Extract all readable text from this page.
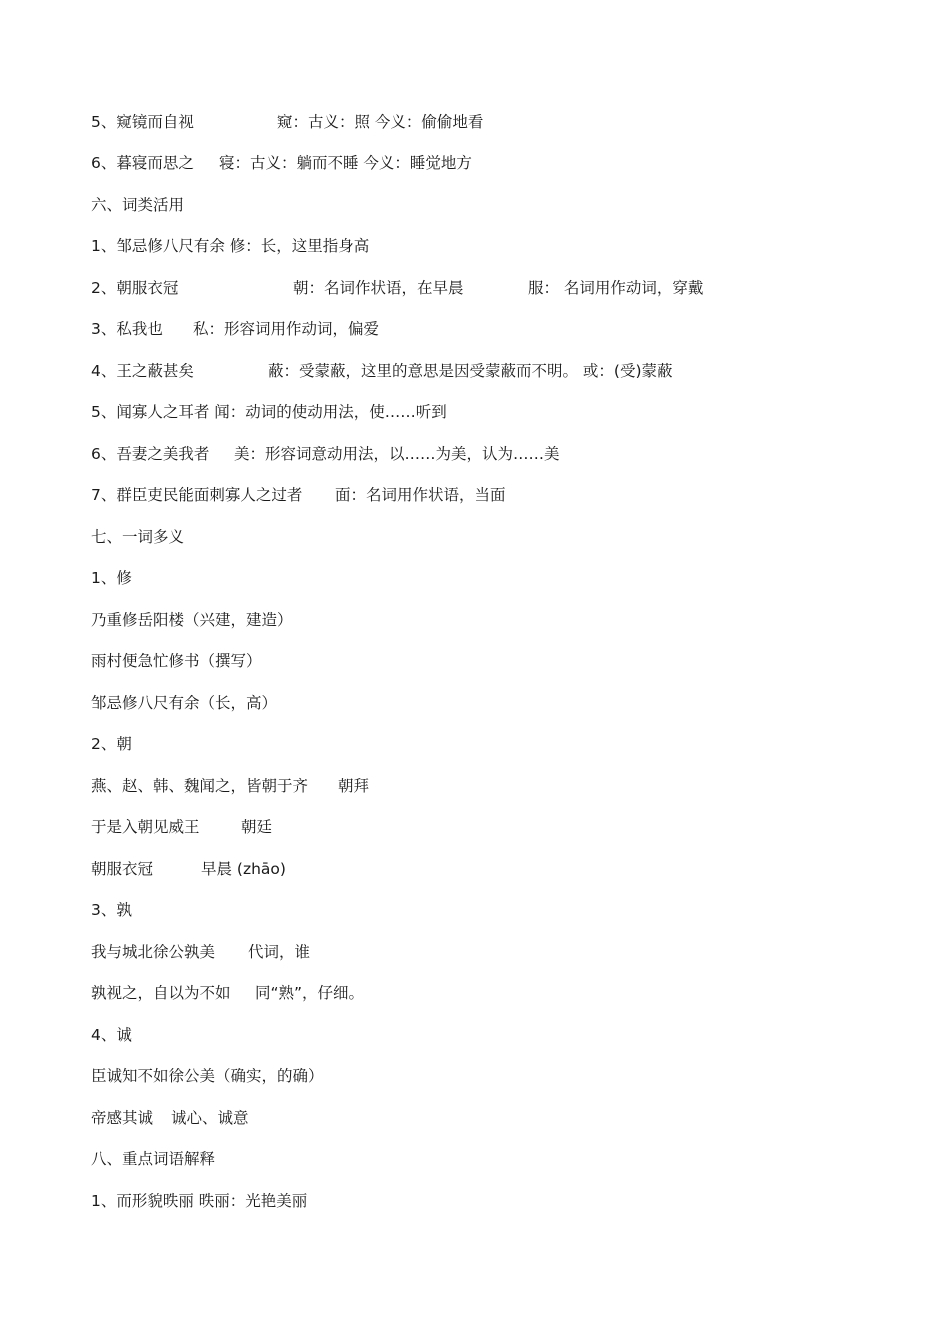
5、窥镜而自视	窥：古义：照 今义：偷偷地看
6、暮寝而思之 寝：古义：躺而不睡 今义：睡觉地方
六、词类活用
1、邹忌修八尺有余 修：长，这里指身高
2、朝服衣冠	朝：名词作状语，在早晨	服： 名词用作动词，穿戴
3、私我也 私：形容词用作动词，偏爱
4、王之蔽甚矣	蔽：受蒙蔽，这里的意思是因受蒙蔽而不明。 或：(受)蒙蔽
5、闻寡人之耳者 闻：动词的使动用法，使……听到
6、吾妻之美我者 美：形容词意动用法，以……为美，认为……美
7、群臣吏民能面刺寡人之过者 面：名词用作状语，当面
七、一词多义
1、修
乃重修岳阳楼（兴建，建造）
雨村便急忙修书（撰写）
邹忌修八尺有余（长，高）
2、朝
燕、赵、韩、魏闻之，皆朝于齐 朝拜
于是入朝见威王	朝廷
朝服衣冠	早晨 (zhāo)
3、孰
我与城北徐公孰美 代词，谁
孰视之，自以为不如 同“熟”，仔细。
4、诚
臣诚知不如徐公美（确实，的确）
帝感其诚 诚心、诚意
八、重点词语解释
1、而形貌昳丽 昳丽：光艳美丽
